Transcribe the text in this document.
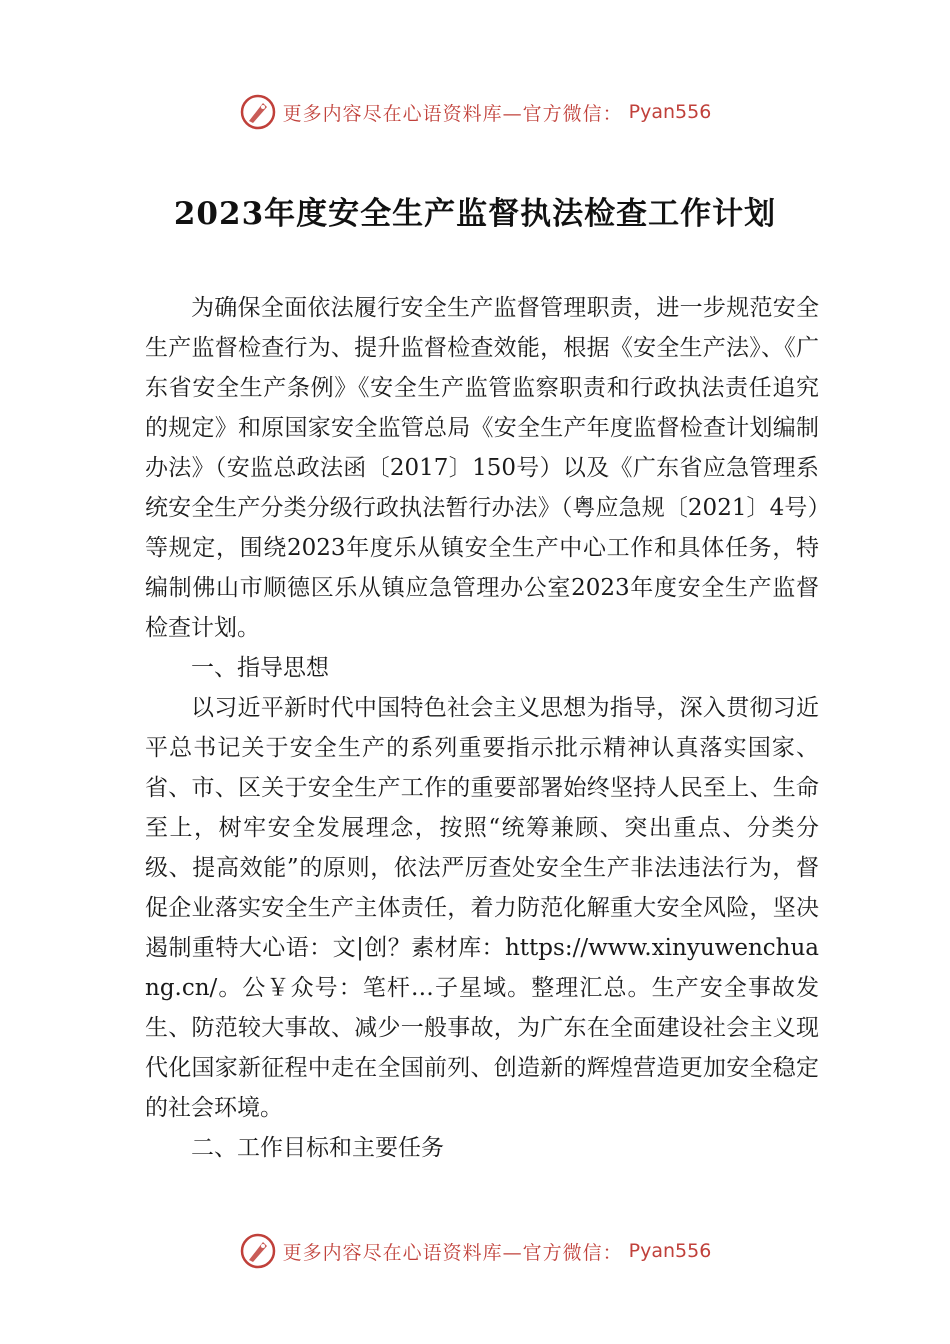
更多内容尽在心语资料库—官方微信： Pyan556
2023年度安全生产监督执法检查工作计划

为确保全面依法履行安全生产监督管理职责，进一步规范安全生产监督检查行为、提升监督检查效能，根据《安全生产法》、《广东省安全生产条例》《安全生产监管监察职责和行政执法责任追究的规定》和原国家安全监管总局《安全生产年度监督检查计划编制办法》（安监总政法函〔2017〕150号）以及《广东省应急管理系统安全生产分类分级行政执法暂行办法》（粤应急规〔2021〕4号）等规定，围绕2023年度乐从镇安全生产中心工作和具体任务，特编制佛山市顺德区乐从镇应急管理办公室2023年度安全生产监督检查计划。

一、指导思想

以习近平新时代中国特色社会主义思想为指导，深入贯彻习近平总书记关于安全生产的系列重要指示批示精神认真落实国家、省、市、区关于安全生产工作的重要部署始终坚持人民至上、生命至上，树牢安全发展理念，按照“统筹兼顾、突出重点、分类分级、提高效能”的原则，依法严厉查处安全生产非法违法行为，督促企业落实安全生产主体责任，着力防范化解重大安全风险，坚决遏制重特大心语：文|创？素材库：https://www.xinyuwenchuang.cn/。公￥众号：笔杆…子星域。整理汇总。生产安全事故发生、防范较大事故、减少一般事故，为广东在全面建设社会主义现代化国家新征程中走在全国前列、创造新的辉煌营造更加安全稳定的社会环境。

二、工作目标和主要任务

更多内容尽在心语资料库—官方微信： Pyan556
